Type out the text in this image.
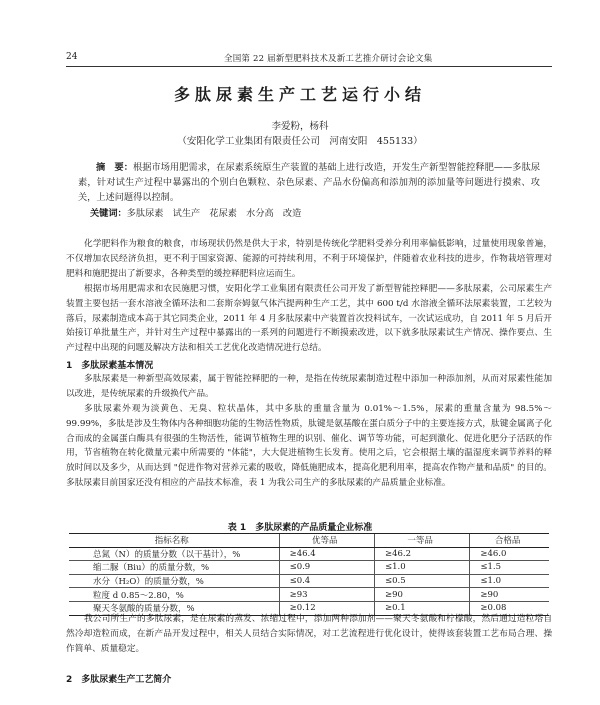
24	全国第 22 届新型肥料技术及新工艺推介研讨会论文集
多肽尿素生产工艺运行小结
李爱粉，杨科
（安阳化学工业集团有限责任公司　河南安阳　455133）

摘　要：根据市场用肥需求，在尿素系统原生产装置的基础上进行改造，开发生产新型智能控释肥——多肽尿素，针对试生产过程中暴露出的个别白色颗粒、杂色尿素、产品水份偏高和添加剂的添加量等问题进行摸索、攻关，上述问题得以控制。

关键词：多肽尿素　试生产　花尿素　水分高　改造

化学肥料作为粮食的粮食，市场现状仍然是供大于求，特别是传统化学肥料受养分利用率偏低影响，过量使用现象普遍，不仅增加农民经济负担，更不利于国家资源、能源的可持续利用，不利于环境保护，伴随着农业科技的进步，作物栽培管理对肥料和施肥提出了新要求，各种类型的缓控释肥料应运而生。

根据市场用肥需求和农民施肥习惯，安阳化学工业集团有限责任公司开发了新型智能控释肥——多肽尿素，公司尿素生产装置主要包括一套水溶液全循环法和二套斯奈姆氨气体汽提两种生产工艺，其中 600 t/d 水溶液全循环法尿素装置，工艺较为落后，尿素制造成本高于其它同类企业，2011 年 4 月多肽尿素中产装置首次投料试车，一次试运成功，自 2011 年 5 月后开始接订单批量生产，并针对生产过程中暴露出的一系列的问题进行不断摸索改进，以下就多肽尿素试生产情况、操作要点、生产过程中出现的问题及解决方法和相关工艺优化改造情况进行总结。

1　多肽尿素基本情况

多肽尿素是一种新型高效尿素，属于智能控释肥的一种，是指在传统尿素制造过程中添加一种添加剂，从而对尿素性能加以改进，是传统尿素的升级换代产品。

多肽尿素外观为淡黄色、无臭、粒状晶体，其中多肽的重量含量为 0.01%～1.5%，尿素的重量含量为 98.5%～99.99%，多肽是涉及生物体内各种细胞功能的生物活性物质，肽键是氨基酸在蛋白质分子中的主要连接方式，肽键金属离子化合而成的金属蛋白酶具有很强的生物活性，能调节植物生理的识别、催化、调节等功能，可起到激化、促进化肥分子活跃的作用，节省植物在转化微量元素中所需要的 "体能"，大大促进植物生长发育。使用之后，它会根据土壤的温湿度来调节养料的释放时间以及多少，从而达到 "促进作物对营养元素的吸收，降低施肥成本，提高化肥利用率，提高农作物产量和品质" 的目的。多肽尿素目前国家还没有相应的产品技术标准，表 1 为我公司生产的多肽尿素的产品质量企业标准。

表 1　多肽尿素的产品质量企业标准
指标名称	优等品	一等品	合格品
总氮（N）的质量分数（以干基计），%	≥46.4	≥46.2	≥46.0
缩二脲（Biu）的质量分数，%	≤0.9	≤1.0	≤1.5
水分（H₂O）的质量分数，%	≤0.4	≤0.5	≤1.0
粒度 d 0.85～2.80，%	≥93	≥90	≥90
聚天冬氨酸的质量分数，%	≥0.12	≥0.1	≥0.08

我公司所生产的多肽尿素，是在尿素的蒸发、浓缩过程中，添加两种添加剂——聚天冬氨酸和柠檬酸，然后通过造粒塔自然冷却造粒而成，在新产品开发过程中，相关人员结合实际情况，对工艺流程进行优化设计，使得该套装置工艺布局合理、操作简单、质量稳定。

2　多肽尿素生产工艺简介
